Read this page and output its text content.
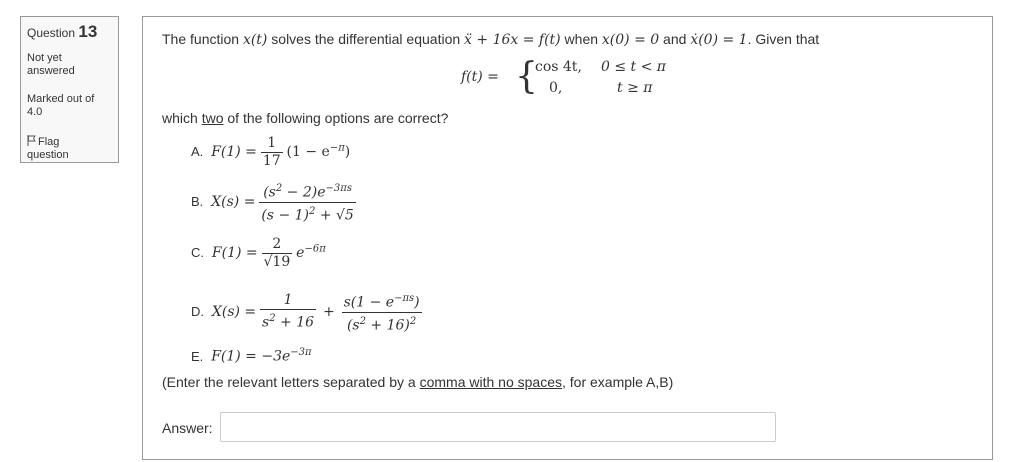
Question 13
Not yet
answered
Marked out of
4.0
Flag
question
The function x(t) solves the differential equation ẍ + 16x = f(t) when x(0) = 0 and ẋ(0) = 1. Given that
f(t) = {
cos 4t, 0 ≤ t < π
0,	t ≥ π
which two of the following options are correct?
A. $F(1) = \frac{1}{17} (1 - e^{-\pi})$
B. $X(s) = \frac{(s^2 - 2)e^{-3\pi s}}{(s - 1)^2 + √5}$
C. $F(1) = \frac{2}{√19} e^{-6\pi}$
D. $X(s) = \frac{1}{s^2 + 16} + \frac{s(1 - e^{-\pi s})}{(s^2 + 16)^2}$
E. $F(1) = -3e^{-3\pi}$
(Enter the relevant letters separated by a comma with no spaces, for example A,B)
Answer:
